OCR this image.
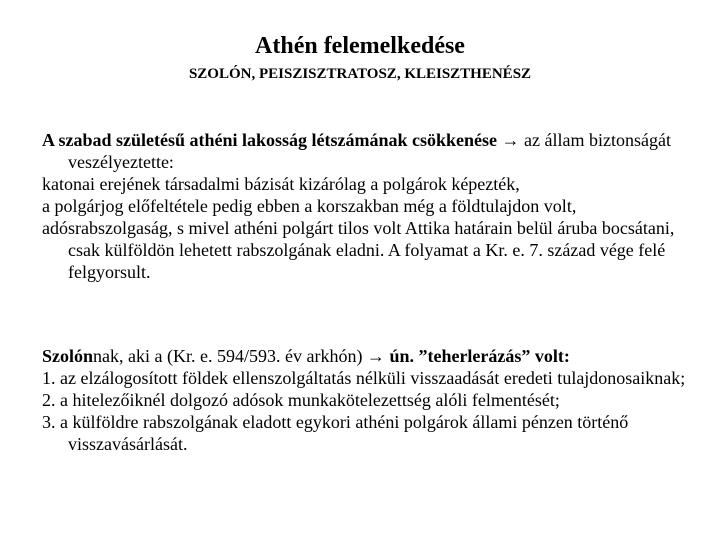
Athén felemelkedése
SZOLÓN, PEISZISZTRATOSZ, KLEISZTHENÉSZ

A szabad születésű athéni lakosság létszámának csökkenése → az állam biztonságát veszélyeztette:

katonai erejének társadalmi bázisát kizárólag a polgárok képezték,

a polgárjog előfeltétele pedig ebben a korszakban még a földtulajdon volt,

adósrabszolgaság, s mivel athéni polgárt tilos volt Attika határain belül áruba bocsátani, csak külföldön lehetett rabszolgának eladni. A folyamat a Kr. e. 7. század vége felé felgyorsult.

Szolónnak, aki a (Kr. e. 594/593. év arkhón) → ún. ”teherlerázás” volt:

1. az elzálogosított földek ellenszolgáltatás nélküli visszaadását eredeti tulajdonosaiknak;

2. a hitelezőiknél dolgozó adósok munkakötelezettség alóli felmentését;

3. a külföldre rabszolgának eladott egykori athéni polgárok állami pénzen történő visszavásárlását.
